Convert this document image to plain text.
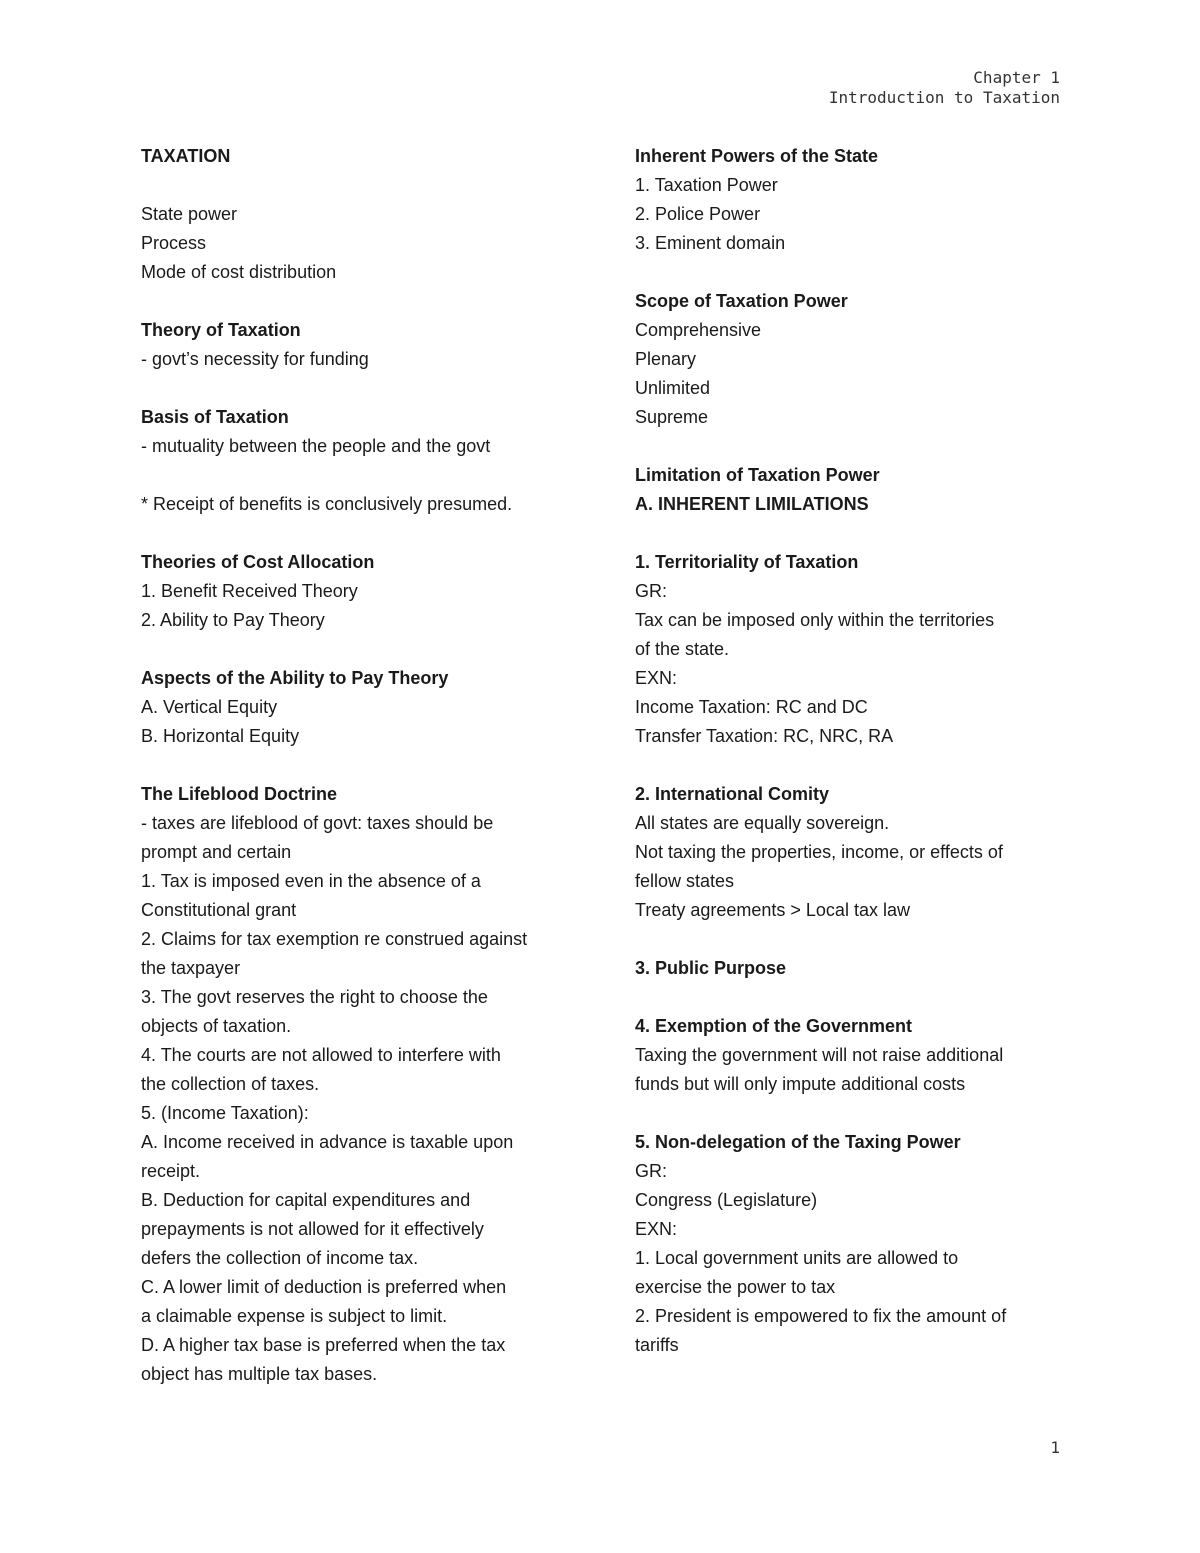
Chapter 1
Introduction to Taxation
TAXATION
State power
Process
Mode of cost distribution
Theory of Taxation
- govt’s necessity for funding
Basis of Taxation
- mutuality between the people and the govt
* Receipt of benefits is conclusively presumed.
Theories of Cost Allocation
1. Benefit Received Theory
2. Ability to Pay Theory
Aspects of the Ability to Pay Theory
A. Vertical Equity
B. Horizontal Equity
The Lifeblood Doctrine
- taxes are lifeblood of govt: taxes should be
prompt and certain
1. Tax is imposed even in the absence of a
Constitutional grant
2. Claims for tax exemption re construed against
the taxpayer
3. The govt reserves the right to choose the
objects of taxation.
4. The courts are not allowed to interfere with
the collection of taxes.
5. (Income Taxation):
A. Income received in advance is taxable upon
receipt.
B. Deduction for capital expenditures and
prepayments is not allowed for it effectively
defers the collection of income tax.
C. A lower limit of deduction is preferred when
a claimable expense is subject to limit.
D. A higher tax base is preferred when the tax
object has multiple tax bases.
Inherent Powers of the State
1. Taxation Power
2. Police Power
3. Eminent domain
Scope of Taxation Power
Comprehensive
Plenary
Unlimited
Supreme
Limitation of Taxation Power
A. INHERENT LIMILATIONS
1. Territoriality of Taxation
GR:
Tax can be imposed only within the territories
of the state.
EXN:
Income Taxation: RC and DC
Transfer Taxation: RC, NRC, RA
2. International Comity
All states are equally sovereign.
Not taxing the properties, income, or effects of
fellow states
Treaty agreements > Local tax law
3. Public Purpose
4. Exemption of the Government
Taxing the government will not raise additional
funds but will only impute additional costs
5. Non-delegation of the Taxing Power
GR:
Congress (Legislature)
EXN:
1. Local government units are allowed to
exercise the power to tax
2. President is empowered to fix the amount of
tariffs
1
